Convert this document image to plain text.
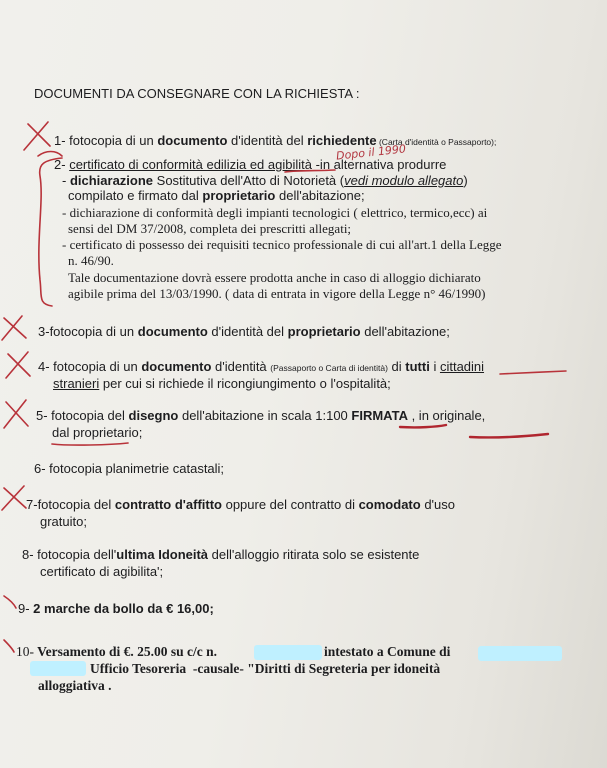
DOCUMENTI DA CONSEGNARE CON LA RICHIESTA :
1- fotocopia di un documento d'identità del richiedente (Carta d'identità o Passaporto);
Dopo il 1990
2- certificato di conformità edilizia ed agibilità -in alternativa produrre
- dichiarazione Sostitutiva dell'Atto di Notorietà (vedi modulo allegato)
compilato e firmato dal proprietario dell'abitazione;
- dichiarazione di conformità degli impianti tecnologici ( elettrico, termico,ecc) ai
sensi del DM 37/2008, completa dei prescritti allegati;
- certificato di possesso dei requisiti tecnico professionale di cui all'art.1 della Legge
n. 46/90.
Tale documentazione dovrà essere prodotta anche in caso di alloggio dichiarato
agibile prima del 13/03/1990. ( data di entrata in vigore della Legge n° 46/1990)
3-fotocopia di un documento d'identità del proprietario dell'abitazione;
4- fotocopia di un documento d'identità (Passaporto o Carta di identità) di tutti i cittadini
stranieri per cui si richiede il ricongiungimento o l'ospitalità;
5- fotocopia del disegno dell'abitazione in scala 1:100 FIRMATA , in originale,
dal proprietario;
6- fotocopia planimetrie catastali;
7-fotocopia del contratto d'affitto oppure del contratto di comodato d'uso
gratuito;
8- fotocopia dell'ultima Idoneità dell'alloggio ritirata solo se esistente
certificato di agibilita';
9- 2 marche da bollo da € 16,00;
10- Versamento di €. 25.00 su c/c n.	intestato a Comune di
Ufficio Tesoreria -causale- "Diritti di Segreteria per idoneità
alloggiativa .
